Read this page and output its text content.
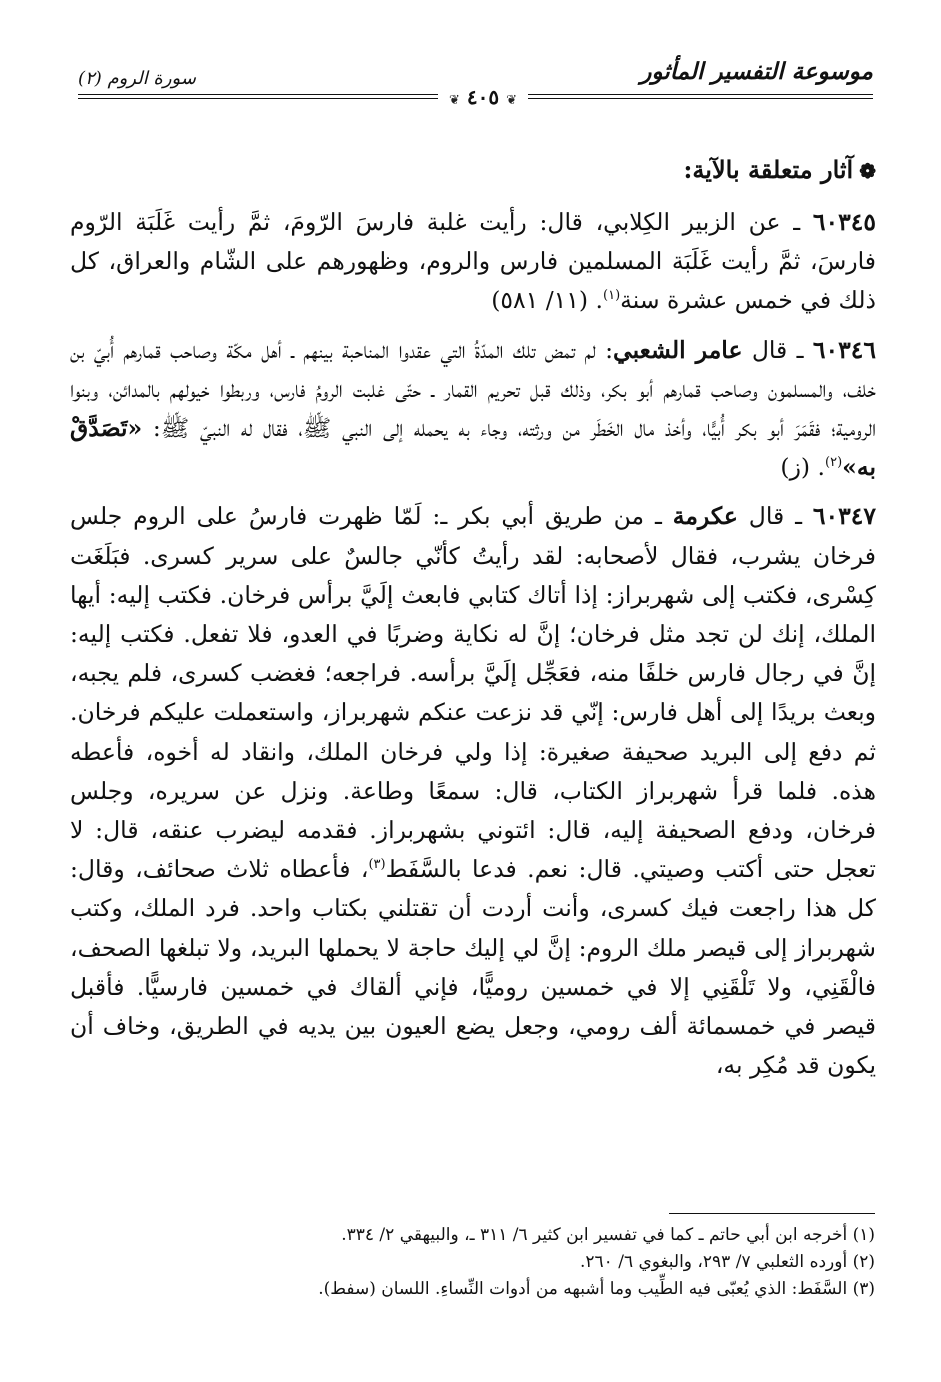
موسوعة التفسير المأثور
❦ ٤٠٥ ❦
سورة الروم (٢)
❁آثار متعلقة بالآية:

٦٠٣٤٥ ـ عن الزبير الكِلابي، قال: رأيت غلبة فارسَ الرّومَ، ثمَّ رأيت غَلَبَة الرّوم فارسَ، ثمَّ رأيت غَلَبَة المسلمين فارس والروم، وظهورهم على الشّام والعراق، كل ذلك في خمس عشرة سنة$^{(١)}$. (١١/ ٥٨١)

٦٠٣٤٦ ـ قال عامر الشعبي: لم تمض تلك المدّةُ التي عقدوا المناحبة بينهم ـ أهل مكّة وصاحب قمارهم أُبيّ بن خلف، والمسلمون وصاحب قمارهم أبو بكر، وذلك قبل تحريم القمار ـ حتّى غلبت الرومُ فارس، وربطوا خيولهم بالمدائن، وبنوا الرومية؛ فقَمَرَ أبو بكر أُبيًّا، وأخذ مال الخَطَر من ورثته، وجاء به يحمله إلى النبي ﷺ، فقال له النبيّ ﷺ: «تَصَدَّقْ به»$^{(٢)}$. (ز)

٦٠٣٤٧ ـ قال عكرمة ـ من طريق أبي بكر ـ: لَمّا ظهرت فارسُ على الروم جلس فرخان يشرب، فقال لأصحابه: لقد رأيتُ كأنّي جالسٌ على سرير كسرى. فبَلَغَت كِسْرى، فكتب إلى شهربراز: إذا أتاك كتابي فابعث إلَيَّ برأس فرخان. فكتب إليه: أيها الملك، إنك لن تجد مثل فرخان؛ إنَّ له نكاية وضربًا في العدو، فلا تفعل. فكتب إليه: إنَّ في رجال فارس خلفًا منه، فعَجِّل إلَيَّ برأسه. فراجعه؛ فغضب كسرى، فلم يجبه، وبعث بريدًا إلى أهل فارس: إنّي قد نزعت عنكم شهربراز، واستعملت عليكم فرخان. ثم دفع إلى البريد صحيفة صغيرة: إذا ولي فرخان الملك، وانقاد له أخوه، فأعطه هذه. فلما قرأ شهربراز الكتاب، قال: سمعًا وطاعة. ونزل عن سريره، وجلس فرخان، ودفع الصحيفة إليه، قال: ائتوني بشهربراز. فقدمه ليضرب عنقه، قال: لا تعجل حتى أكتب وصيتي. قال: نعم. فدعا بالسَّفَط$^{(٣)}$، فأعطاه ثلاث صحائف، وقال: كل هذا راجعت فيك كسرى، وأنت أردت أن تقتلني بكتاب واحد. فرد الملك، وكتب شهربراز إلى قيصر ملك الروم: إنَّ لي إليك حاجة لا يحملها البريد، ولا تبلغها الصحف، فالْقَنِي، ولا تَلْقَنِي إلا في خمسين روميًّا، فإني ألقاك في خمسين فارسيًّا. فأقبل قيصر في خمسمائة ألف رومي، وجعل يضع العيون بين يديه في الطريق، وخاف أن يكون قد مُكِر به،

(١) أخرجه ابن أبي حاتم ـ كما في تفسير ابن كثير ٦/ ٣١١ ـ، والبيهقي ٢/ ٣٣٤.
(٢) أورده الثعلبي ٧/ ٢٩٣، والبغوي ٦/ ٢٦٠.
(٣) السَّفَط: الذي يُعبّى فيه الطِّيب وما أشبهه من أدوات النِّساءِ. اللسان (سفط).
